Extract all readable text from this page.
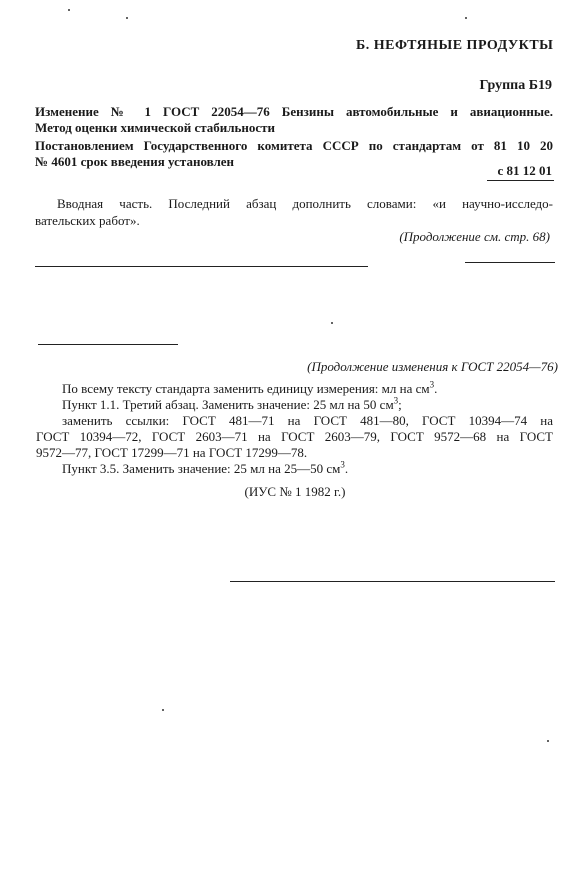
Б. НЕФТЯНЫЕ ПРОДУКТЫ
Группа Б19
Изменение № 1 ГОСТ 22054—76 Бензины автомобильные и авиационные.
Метод оценки химической стабильности
Постановлением Государственного комитета СССР по стандартам от 81 10 20
№ 4601 срок введения установлен
с 81 12 01
Вводная часть. Последний абзац дополнить словами: «и научно-исследо-
вательских работ».
(Продолжение см. стр. 68)
(Продолжение изменения к ГОСТ 22054—76)
По всему тексту стандарта заменить единицу измерения: мл на $см^3$.
Пункт 1.1. Третий абзац. Заменить значение: 25 мл на 50 $см^3$;
заменить ссылки: ГОСТ 481—71 на ГОСТ 481—80, ГОСТ 10394—74 на
ГОСТ 10394—72, ГОСТ 2603—71 на ГОСТ 2603—79, ГОСТ 9572—68 на ГОСТ
9572—77, ГОСТ 17299—71 на ГОСТ 17299—78.
Пункт 3.5. Заменить значение: 25 мл на 25—50 $см^3$.
(ИУС № 1 1982 г.)
